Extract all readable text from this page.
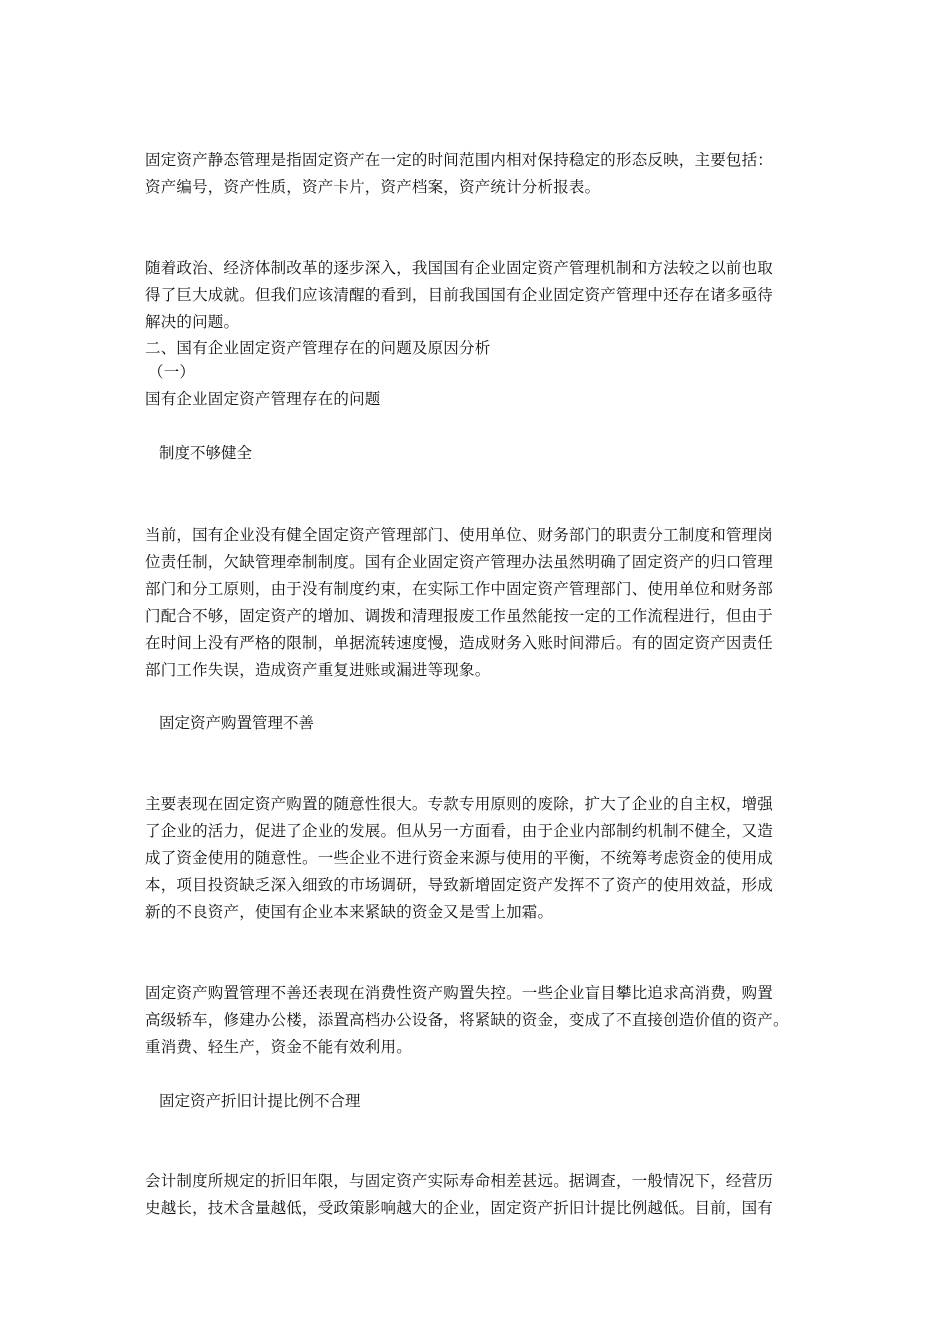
固定资产静态管理是指固定资产在一定的时间范围内相对保持稳定的形态反映，主要包括：
资产编号，资产性质，资产卡片，资产档案，资产统计分析报表。

随着政治、经济体制改革的逐步深入，我国国有企业固定资产管理机制和方法较之以前也取
得了巨大成就。但我们应该清醒的看到，目前我国国有企业固定资产管理中还存在诸多亟待
解决的问题。

二、国有企业固定资产管理存在的问题及原因分析

（一）

国有企业固定资产管理存在的问题

制度不够健全

当前，国有企业没有健全固定资产管理部门、使用单位、财务部门的职责分工制度和管理岗
位责任制，欠缺管理牵制制度。国有企业固定资产管理办法虽然明确了固定资产的归口管理
部门和分工原则，由于没有制度约束，在实际工作中固定资产管理部门、使用单位和财务部
门配合不够，固定资产的增加、调拨和清理报废工作虽然能按一定的工作流程进行，但由于
在时间上没有严格的限制，单据流转速度慢，造成财务入账时间滞后。有的固定资产因责任
部门工作失误，造成资产重复进账或漏进等现象。

固定资产购置管理不善

主要表现在固定资产购置的随意性很大。专款专用原则的废除，扩大了企业的自主权，增强
了企业的活力，促进了企业的发展。但从另一方面看，由于企业内部制约机制不健全，又造
成了资金使用的随意性。一些企业不进行资金来源与使用的平衡，不统筹考虑资金的使用成
本，项目投资缺乏深入细致的市场调研，导致新增固定资产发挥不了资产的使用效益，形成
新的不良资产，使国有企业本来紧缺的资金又是雪上加霜。

固定资产购置管理不善还表现在消费性资产购置失控。一些企业盲目攀比追求高消费，购置
高级轿车，修建办公楼，添置高档办公设备，将紧缺的资金，变成了不直接创造价值的资产。
重消费、轻生产，资金不能有效利用。

固定资产折旧计提比例不合理

会计制度所规定的折旧年限，与固定资产实际寿命相差甚远。据调查，一般情况下，经营历
史越长，技术含量越低，受政策影响越大的企业，固定资产折旧计提比例越低。目前，国有
